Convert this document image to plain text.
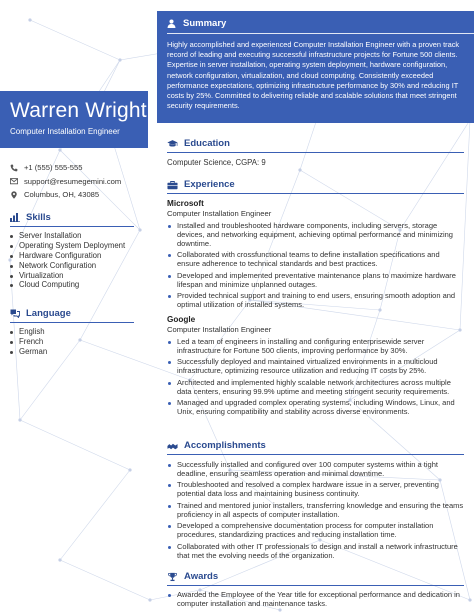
Warren Wright
Computer Installation Engineer
+1 (555) 555-555
support@resumegemini.com
Columbus, OH, 43085
Skills
Server Installation
Operating System Deployment
Hardware Configuration
Network Configuration
Virtualization
Cloud Computing
Language
English
French
German
Summary
Highly accomplished and experienced Computer Installation Engineer with a proven track record of leading and executing successful infrastructure projects for Fortune 500 clients. Expertise in server installation, operating system deployment, hardware configuration, network configuration, virtualization, and cloud computing. Consistently exceeded performance expectations, optimizing infrastructure performance by 30% and reducing IT costs by 25%. Committed to delivering reliable and scalable solutions that meet stringent security requirements.
Education
Computer Science, CGPA: 9
Experience
Microsoft
Computer Installation Engineer
Installed and troubleshooted hardware components, including servers, storage devices, and networking equipment, achieving optimal performance and minimizing downtime.
Collaborated with crossfunctional teams to define installation specifications and ensure adherence to technical standards and best practices.
Developed and implemented preventative maintenance plans to maximize hardware lifespan and minimize unplanned outages.
Provided technical support and training to end users, ensuring smooth adoption and optimal utilization of installed systems.
Google
Computer Installation Engineer
Led a team of engineers in installing and configuring enterprisewide server infrastructure for Fortune 500 clients, improving performance by 30%.
Successfully deployed and maintained virtualized environments in a multicloud infrastructure, optimizing resource utilization and reducing IT costs by 25%.
Architected and implemented highly scalable network architectures across multiple data centers, ensuring 99.9% uptime and meeting stringent security requirements.
Managed and upgraded complex operating systems, including Windows, Linux, and Unix, ensuring compatibility and stability across diverse environments.
Accomplishments
Successfully installed and configured over 100 computer systems within a tight deadline, ensuring seamless operation and minimal downtime.
Troubleshooted and resolved a complex hardware issue in a server, preventing potential data loss and maintaining business continuity.
Trained and mentored junior installers, transferring knowledge and ensuring the teams proficiency in all aspects of computer installation.
Developed a comprehensive documentation process for computer installation procedures, standardizing practices and reducing installation time.
Collaborated with other IT professionals to design and install a network infrastructure that met the evolving needs of the organization.
Awards
Awarded the Employee of the Year title for exceptional performance and dedication in computer installation and maintenance tasks.
